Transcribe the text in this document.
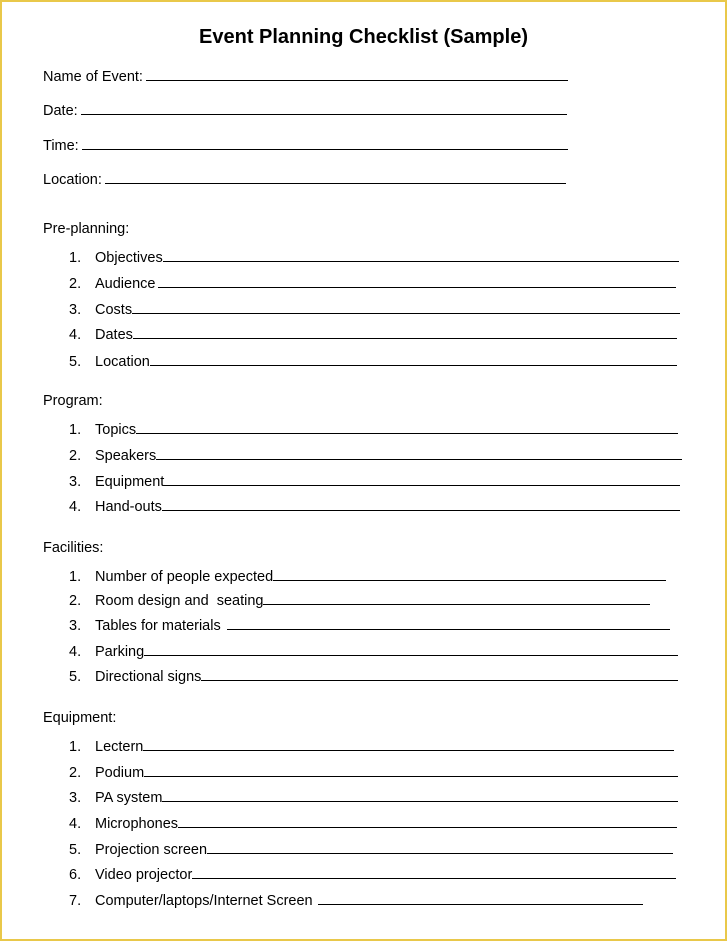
Event Planning Checklist (Sample)
Name of Event:
Date:
Time:
Location:
Pre-planning:
1. Objectives
2. Audience
3. Costs
4. Dates
5. Location
Program:
1. Topics
2. Speakers
3. Equipment
4. Hand-outs
Facilities:
1. Number of people expected
2. Room design and  seating
3. Tables for materials
4. Parking
5. Directional signs
Equipment:
1. Lectern
2. Podium
3. PA system
4. Microphones
5. Projection screen
6. Video projector
7. Computer/laptops/Internet Screen
